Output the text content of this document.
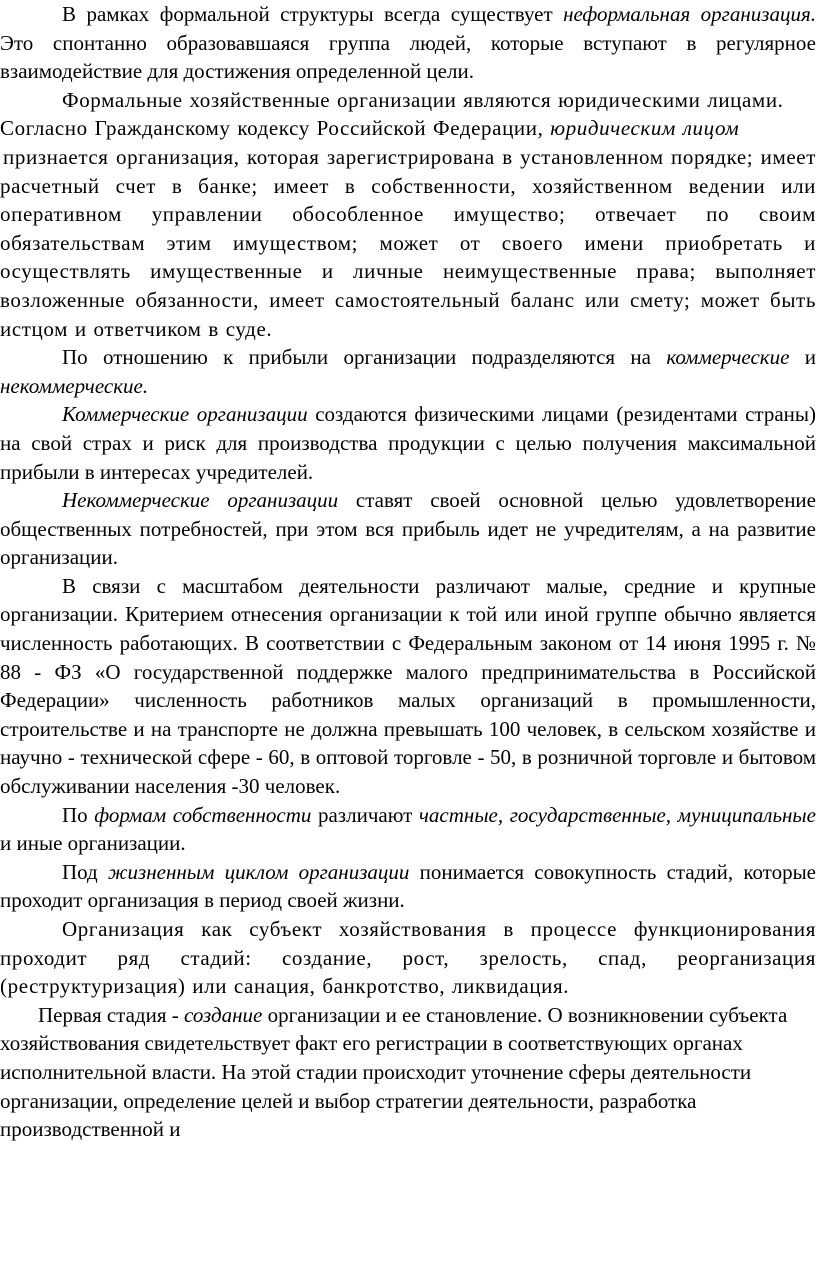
В рамках формальной структуры всегда существует неформальная организация. Это спонтанно образовавшаяся группа людей, которые вступают в регулярное взаимодействие для достижения определенной цели.

Формальные хозяйственные организации являются юридическими лицами. Согласно Гражданскому кодексу Российской Федерации, юридическим лицом

признается организация, которая зарегистрирована в установленном порядке; имеет расчетный счет в банке; имеет в собственности, хозяйственном ведении или оперативном управлении обособленное имущество; отвечает по своим обязательствам этим имуществом; может от своего имени приобретать и осуществлять имущественные и личные неимущественные права; выполняет возложенные обязанности, имеет самостоятельный баланс или смету; может быть истцом и ответчиком в суде.

По отношению к прибыли организации подразделяются на коммерческие и некоммерческие.

Коммерческие организации создаются физическими лицами (резидентами страны) на свой страх и риск для производства продукции с целью получения максимальной прибыли в интересах учредителей.

Некоммерческие организации ставят своей основной целью удовлетворение общественных потребностей, при этом вся прибыль идет не учредителям, а на развитие организации.

В связи с масштабом деятельности различают малые, средние и крупные организации. Критерием отнесения организации к той или иной группе обычно является численность работающих. В соответствии с Федеральным законом от 14 июня 1995 г. № 88 - ФЗ «О государственной поддержке малого предпринимательства в Российской Федерации» численность работников малых организаций в промышленности, строительстве и на транспорте не должна превышать 100 человек, в сельском хозяйстве и научно - технической сфере - 60, в оптовой торговле - 50, в розничной торговле и бытовом обслуживании населения -30 человек.

По формам собственности различают частные, государственные, муниципальные и иные организации.

Под жизненным циклом организации понимается совокупность стадий, которые проходит организация в период своей жизни.

Организация как субъект хозяйствования в процессе функционирования проходит ряд стадий: создание, рост, зрелость, спад, реорганизация (реструктуризация) или санация, банкротство, ликвидация.

Первая стадия - создание организации и ее становление. О возникновении субъекта хозяйствования свидетельствует факт его регистрации в соответствующих органах исполнительной власти. На этой стадии происходит уточнение сферы деятельности организации, определение целей и выбор стратегии деятельности, разработка производственной и
